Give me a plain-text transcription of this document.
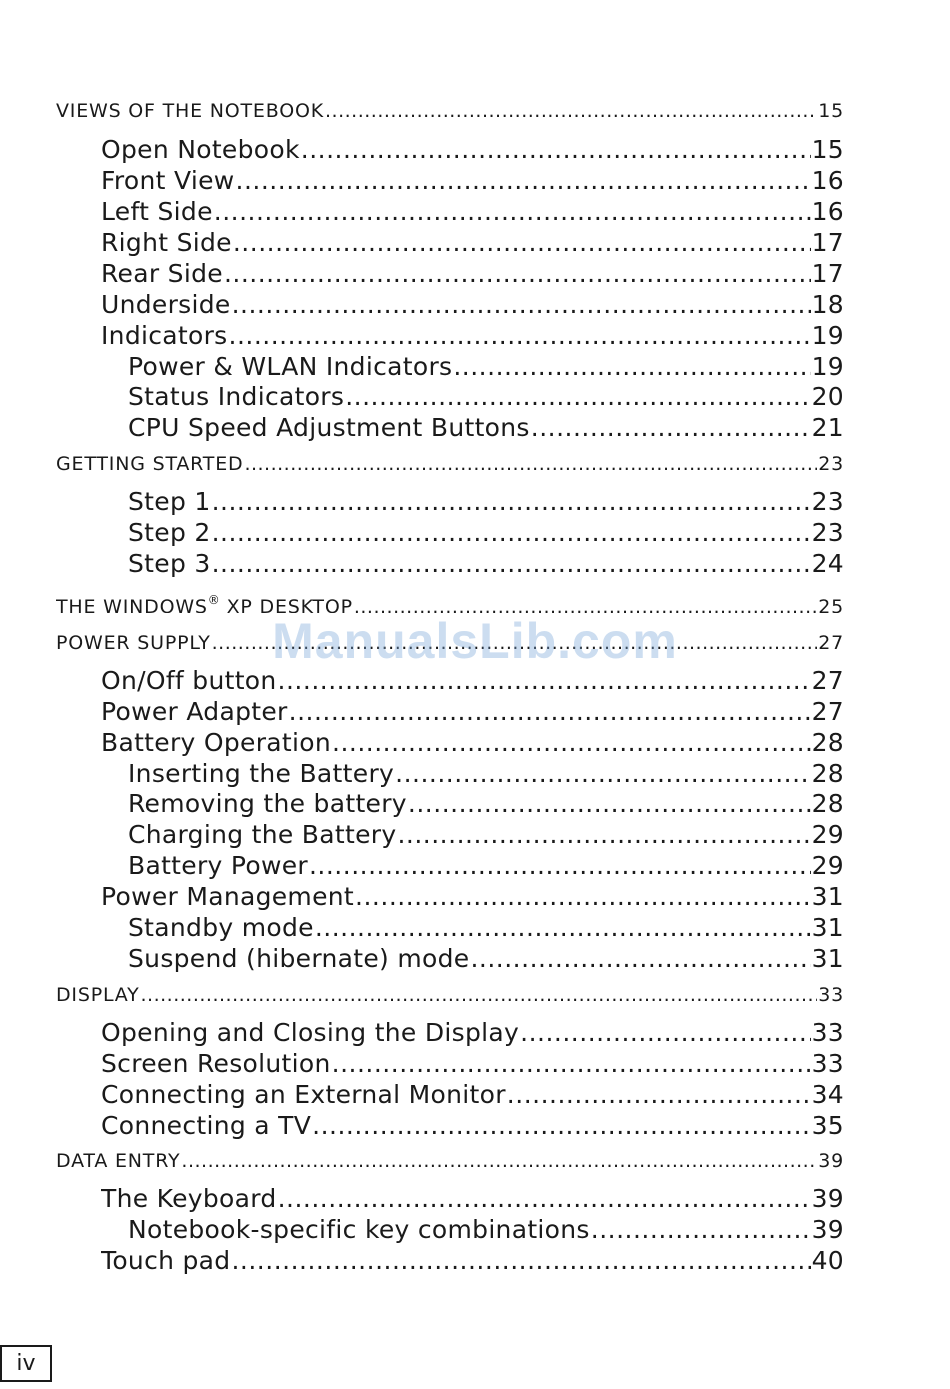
VIEWS OF THE NOTEBOOK .....	15
Open Notebook .....	15
Front View .....	16
Left Side .....	16
Right Side .....	17
Rear Side .....	17
Underside .....	18
Indicators .....	19
Power & WLAN Indicators .....	19
Status Indicators .....	20
CPU Speed Adjustment Buttons .....	21
GETTING STARTED .....	23
Step 1 .....	23
Step 2 .....	23
Step 3 .....	24
THE WINDOWS® XP DESKTOP .....	25
POWER SUPPLY .....	27
On/Off button .....	27
Power Adapter .....	27
Battery Operation .....	28
Inserting the Battery .....	28
Removing the battery .....	28
Charging the Battery .....	29
Battery Power .....	29
Power Management .....	31
Standby mode .....	31
Suspend (hibernate) mode .....	31
DISPLAY .....	33
Opening and Closing the Display .....	33
Screen Resolution .....	33
Connecting an External Monitor .....	34
Connecting a TV .....	35
DATA ENTRY .....	39
The Keyboard .....	39
Notebook-specific key combinations .....	39
Touch pad .....	40
ManualsLib.com
iv
